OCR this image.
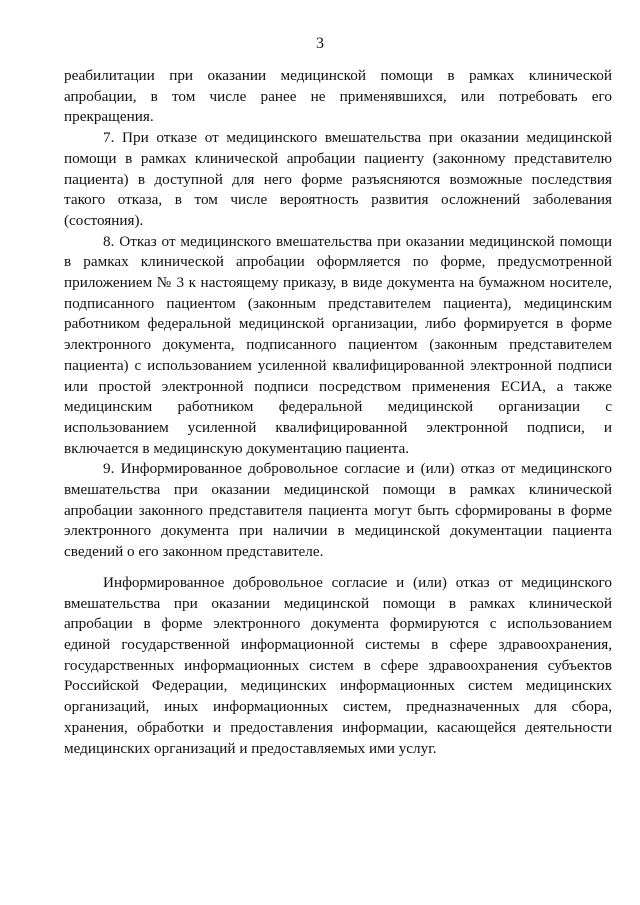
3

реабилитации при оказании медицинской помощи в рамках клинической апробации, в том числе ранее не применявшихся, или потребовать его прекращения.

7. При отказе от медицинского вмешательства при оказании медицинской помощи в рамках клинической апробации пациенту (законному представителю пациента) в доступной для него форме разъясняются возможные последствия такого отказа, в том числе вероятность развития осложнений заболевания (состояния).

8. Отказ от медицинского вмешательства при оказании медицинской помощи в рамках клинической апробации оформляется по форме, предусмотренной приложением № 3 к настоящему приказу, в виде документа на бумажном носителе, подписанного пациентом (законным представителем пациента), медицинским работником федеральной медицинской организации, либо формируется в форме электронного документа, подписанного пациентом (законным представителем пациента) с использованием усиленной квалифицированной электронной подписи или простой электронной подписи посредством применения ЕСИА, а также медицинским работником федеральной медицинской организации с использованием усиленной квалифицированной электронной подписи, и включается в медицинскую документацию пациента.

9. Информированное добровольное согласие и (или) отказ от медицинского вмешательства при оказании медицинской помощи в рамках клинической апробации законного представителя пациента могут быть сформированы в форме электронного документа при наличии в медицинской документации пациента сведений о его законном представителе.

Информированное добровольное согласие и (или) отказ от медицинского вмешательства при оказании медицинской помощи в рамках клинической апробации в форме электронного документа формируются с использованием единой государственной информационной системы в сфере здравоохранения, государственных информационных систем в сфере здравоохранения субъектов Российской Федерации, медицинских информационных систем медицинских организаций, иных информационных систем, предназначенных для сбора, хранения, обработки и предоставления информации, касающейся деятельности медицинских организаций и предоставляемых ими услуг.
